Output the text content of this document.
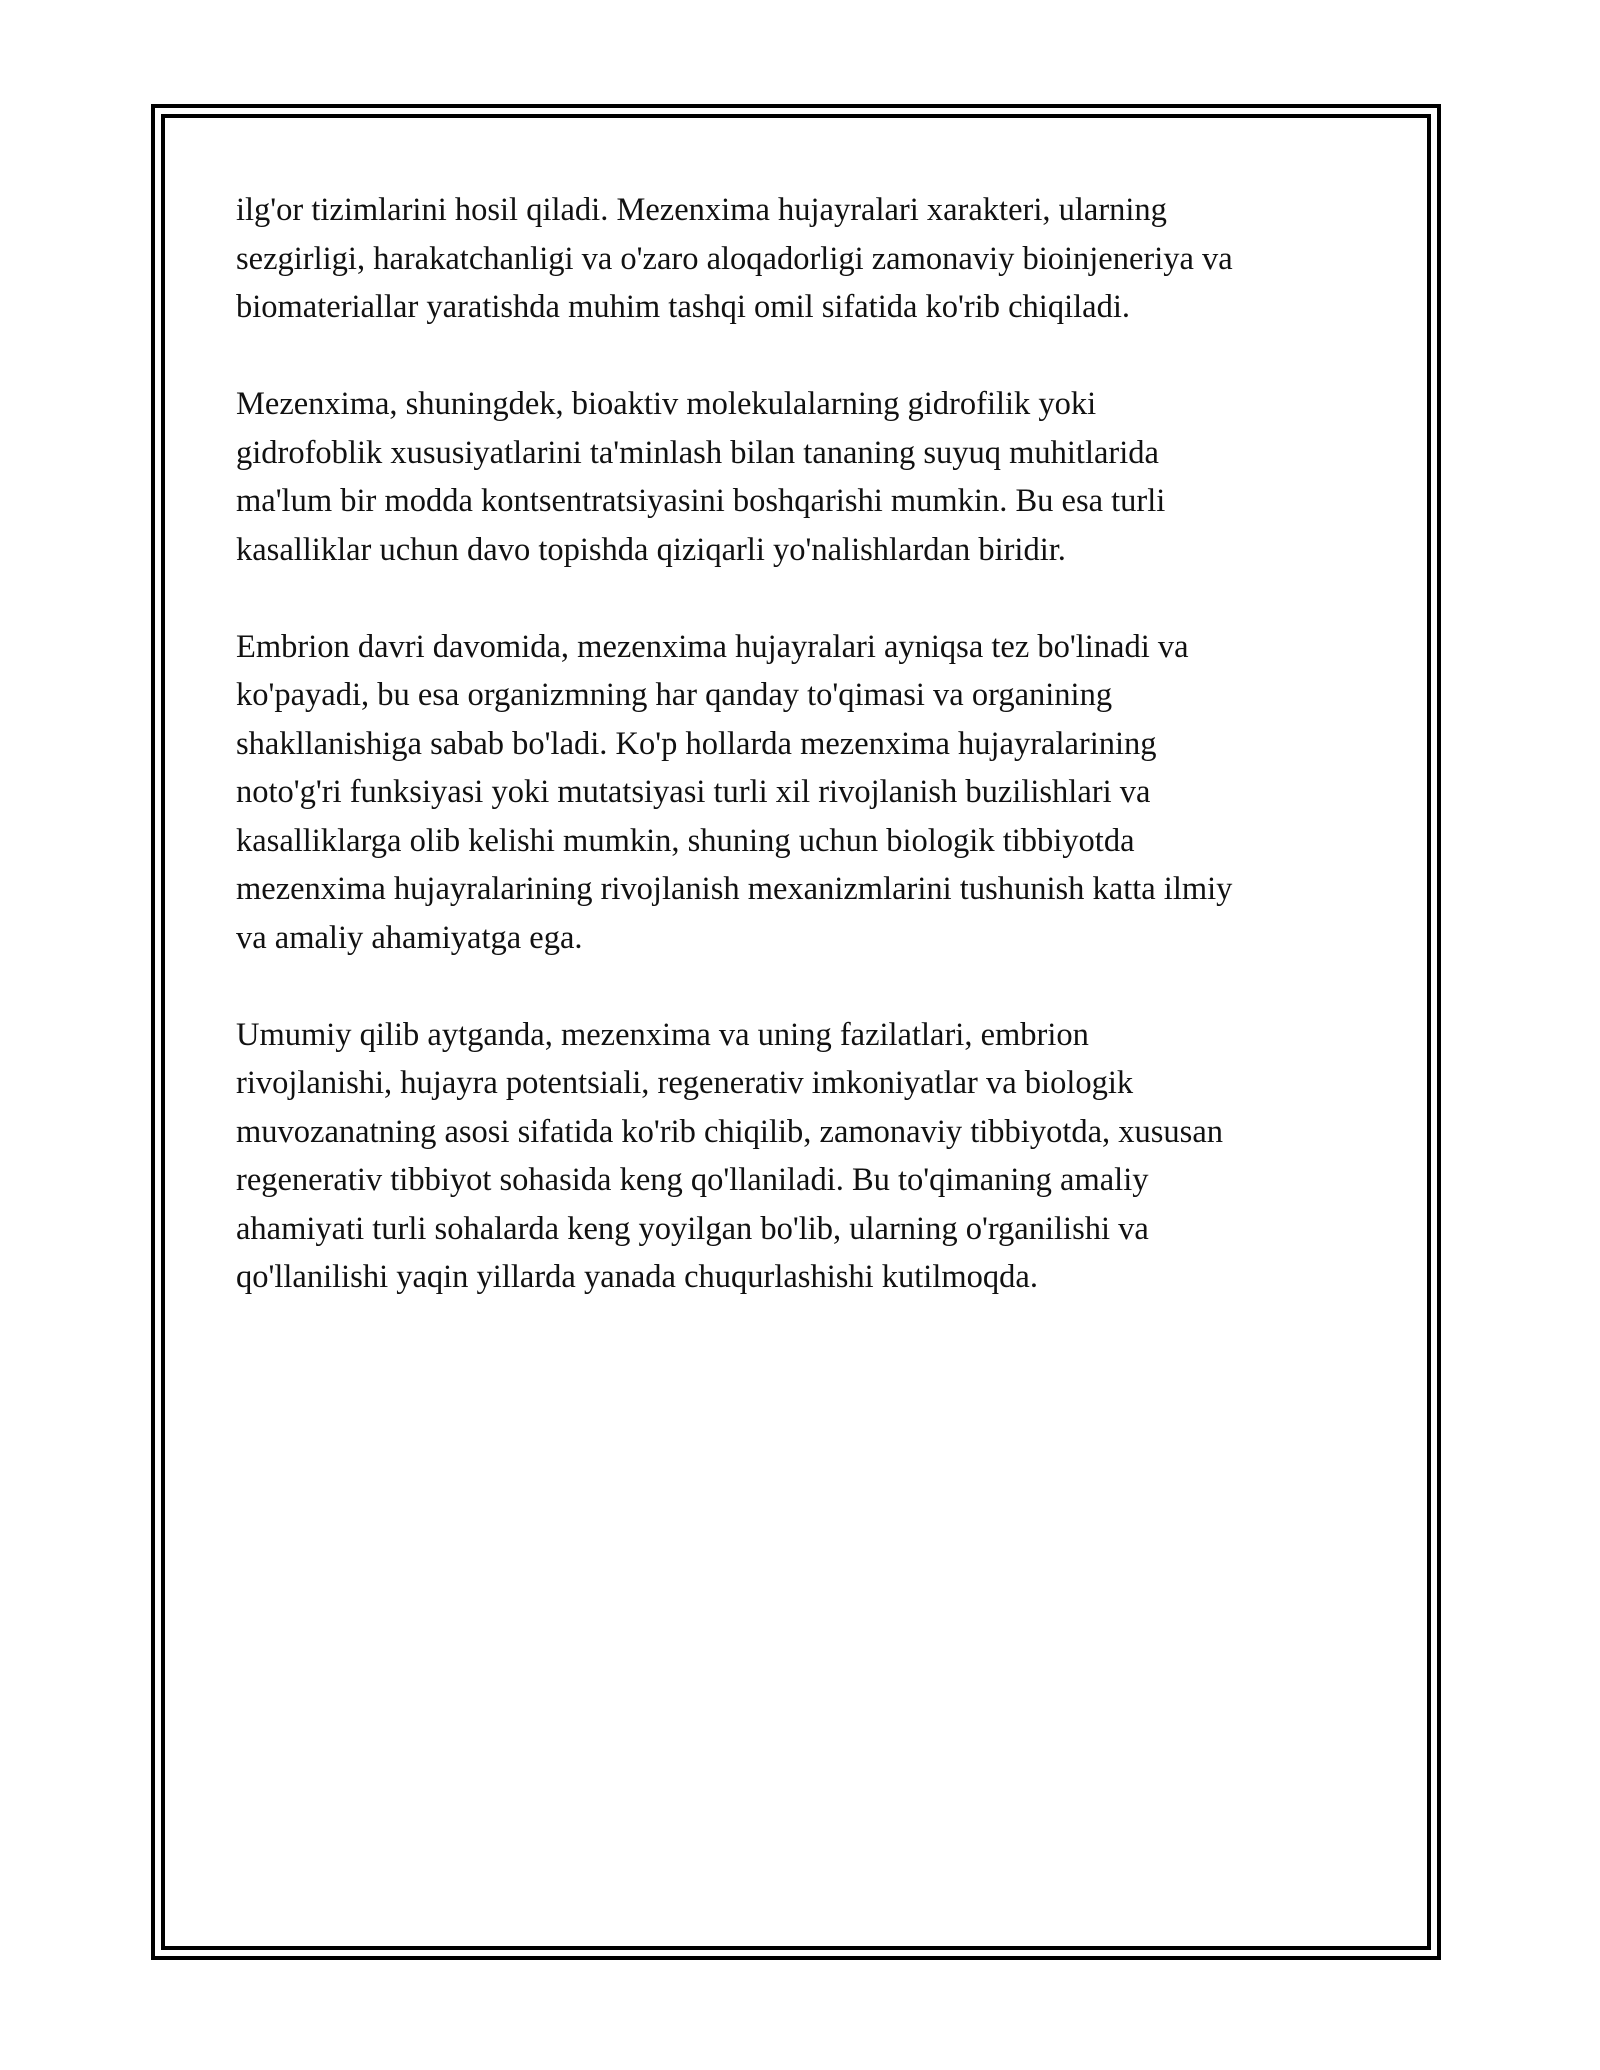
ilg'or tizimlarini hosil qiladi. Mezenxima hujayralari xarakteri, ularning
sezgirligi, harakatchanligi va o'zaro aloqadorligi zamonaviy bioinjeneriya va
biomateriallar yaratishda muhim tashqi omil sifatida ko'rib chiqiladi.

Mezenxima, shuningdek, bioaktiv molekulalarning gidrofilik yoki
gidrofoblik xususiyatlarini ta'minlash bilan tananing suyuq muhitlarida
ma'lum bir modda kontsentratsiyasini boshqarishi mumkin. Bu esa turli
kasalliklar uchun davo topishda qiziqarli yo'nalishlardan biridir.

Embrion davri davomida, mezenxima hujayralari ayniqsa tez bo'linadi va
ko'payadi, bu esa organizmning har qanday to'qimasi va organining
shakllanishiga sabab bo'ladi. Ko'p hollarda mezenxima hujayralarining
noto'g'ri funksiyasi yoki mutatsiyasi turli xil rivojlanish buzilishlari va
kasalliklarga olib kelishi mumkin, shuning uchun biologik tibbiyotda
mezenxima hujayralarining rivojlanish mexanizmlarini tushunish katta ilmiy
va amaliy ahamiyatga ega.

Umumiy qilib aytganda, mezenxima va uning fazilatlari, embrion
rivojlanishi, hujayra potentsiali, regenerativ imkoniyatlar va biologik
muvozanatning asosi sifatida ko'rib chiqilib, zamonaviy tibbiyotda, xususan
regenerativ tibbiyot sohasida keng qo'llaniladi. Bu to'qimaning amaliy
ahamiyati turli sohalarda keng yoyilgan bo'lib, ularning o'rganilishi va
qo'llanilishi yaqin yillarda yanada chuqurlashishi kutilmoqda.
